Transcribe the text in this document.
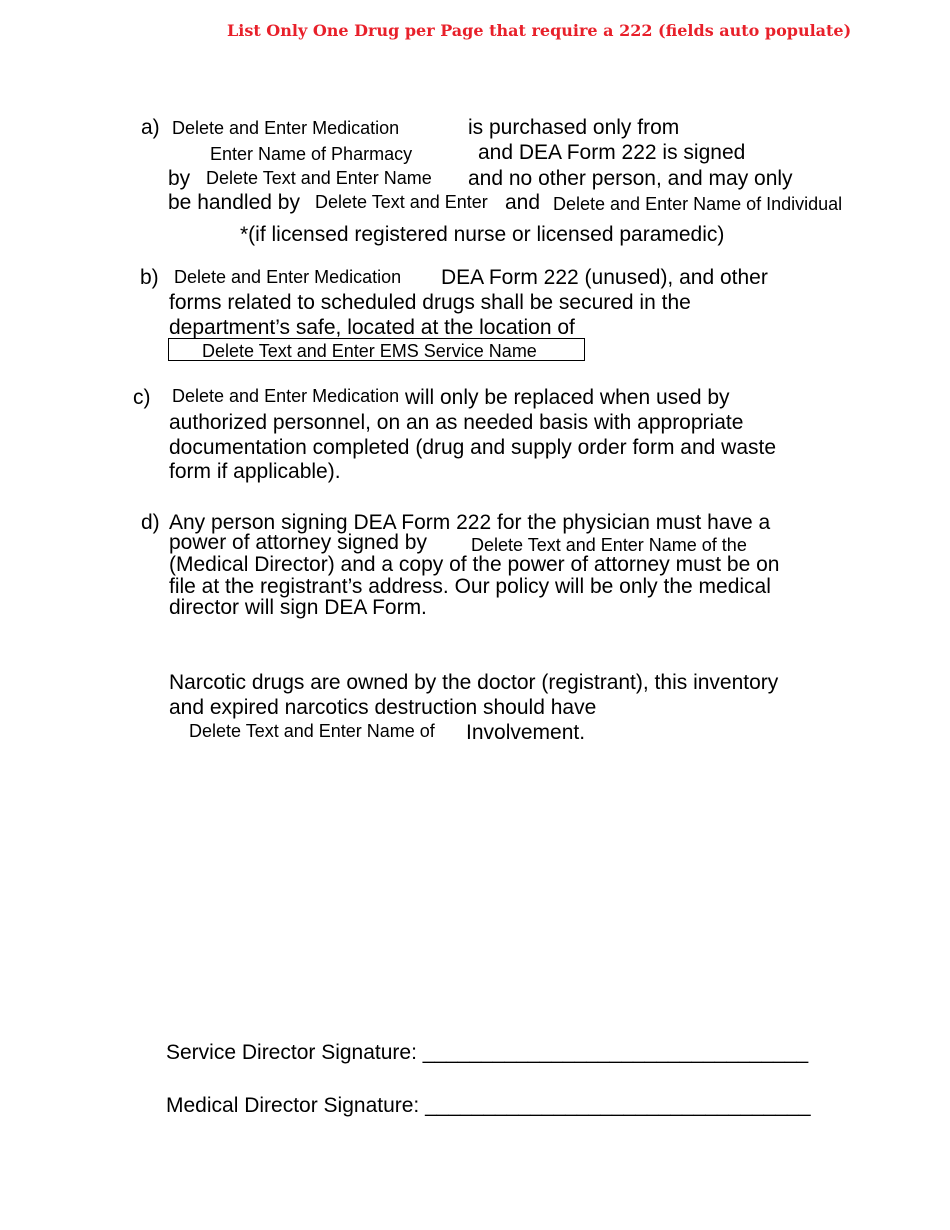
List Only One Drug per Page that require a 222 (fields auto populate)
a) Delete and Enter Medication	is purchased only from
Enter Name of Pharmacy	and DEA Form 222 is signed
by Delete Text and Enter Name and no other person, and may only
be handled by Delete Text and Enter and Delete and Enter Name of Individual
*(if licensed registered nurse or licensed paramedic)
b) Delete and Enter Medication DEA Form 222 (unused), and other
forms related to scheduled drugs shall be secured in the
department’s safe, located at the location of
Delete Text and Enter EMS Service Name
c) Delete and Enter Medication will only be replaced when used by
authorized personnel, on an as needed basis with appropriate
documentation completed (drug and supply order form and waste
form if applicable).
d) Any person signing DEA Form 222 for the physician must have a
power of attorney signed by Delete Text and Enter Name of the
(Medical Director) and a copy of the power of attorney must be on
file at the registrant’s address. Our policy will be only the medical
director will sign DEA Form.
Narcotic drugs are owned by the doctor (registrant), this inventory
and expired narcotics destruction should have
Delete Text and Enter Name of Involvement.
Service Director Signature: _________________________________
Medical Director Signature: _________________________________
